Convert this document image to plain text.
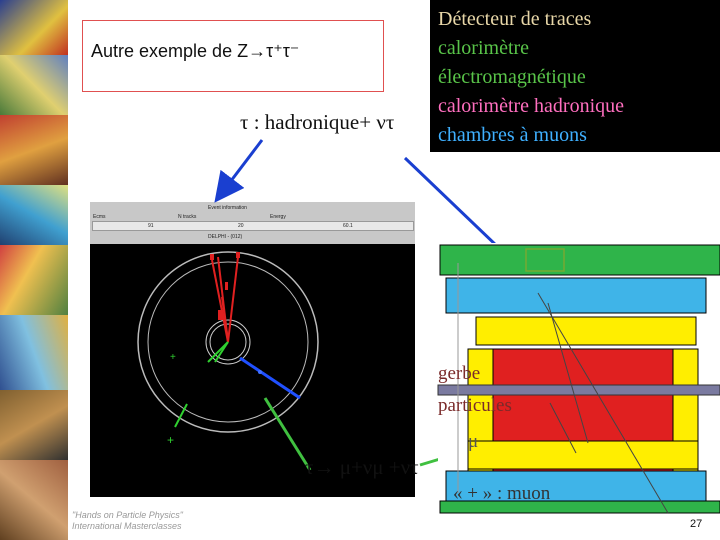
Autre exemple de Z→τ⁺τ⁻
τ : hadronique+ ντ
Détecteur de traces
calorimètre
électromagnétique
calorimètre hadronique
chambres à muons
Event information
Ecms	N tracks	Energy
91	20	60.1
DELPHI - (012)
+
+
gerbe
particules
μ
« + » : muon
τ→ μ+νμ +ντ
"Hands on Particle Physics"
International Masterclasses	27
